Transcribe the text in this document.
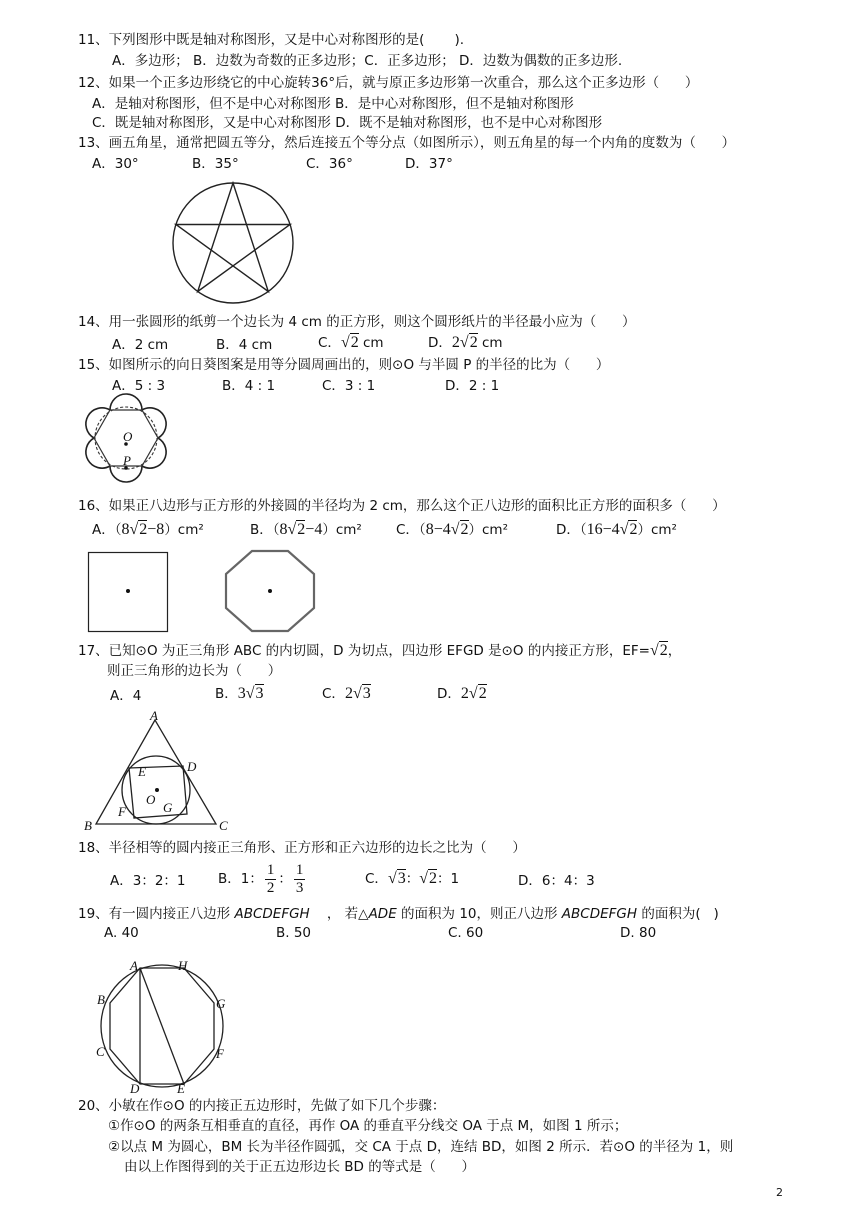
11、下列图形中既是轴对称图形，又是中心对称图形的是(       ).
A．多边形； B．边数为奇数的正多边形；C．正多边形； D．边数为偶数的正多边形.
12、如果一个正多边形绕它的中心旋转36°后，就与原正多边形第一次重合，那么这个正多边形（      ）
A．是轴对称图形，但不是中心对称图形 B．是中心对称图形，但不是轴对称图形
C．既是轴对称图形，又是中心对称图形 D．既不是轴对称图形，也不是中心对称图形
13、画五角星，通常把圆五等分，然后连接五个等分点（如图所示），则五角星的每一个内角的度数为（      ）
A．30°	B．35°	C．36°	D．37°
14、用一张圆形的纸剪一个边长为 4 cm 的正方形，则这个圆形纸片的半径最小应为（      ）
A．2 cm	B．4 cm	C．√2 cm	D．2√2 cm
15、如图所示的向日葵图案是用等分圆周画出的，则⊙O 与半圆 P 的半径的比为（      ）
A．5 : 3	B．4 : 1	C．3 : 1	D．2 : 1
O
P
16、如果正八边形与正方形的外接圆的半径均为 2 cm，那么这个正八边形的面积比正方形的面积多（      ）
A．（8√2−8）cm²	B．（8√2−4）cm²	C．（8−4√2）cm²	D．（16−4√2）cm²
17、已知⊙O 为正三角形 ABC 的内切圆，D 为切点，四边形 EFGD 是⊙O 的内接正方形，EF=√2，
则正三角形的边长为（      ）
A．4	B．3√3	C．2√3	D．2√2
A
B	C
D
E
F	G
O
18、半径相等的圆内接正三角形、正方形和正六边形的边长之比为（      ）
A．3：2：1 B．1： $\frac{1}{2}$ ： $\frac{1}{3}$	C．√3：√2：1	D．6：4：3
19、有一圆内接正八边形 ABCDEFGH    ， 若△ADE 的面积为 10，则正八边形 ABCDEFGH 的面积为(   )
A. 40	B. 50	C. 60	D. 80
A	H
B	G
C	F
D	E
20、小敏在作⊙O 的内接正五边形时，先做了如下几个步骤：
①作⊙O 的两条互相垂直的直径，再作 OA 的垂直平分线交 OA 于点 M，如图 1 所示；
②以点 M 为圆心，BM 长为半径作圆弧，交 CA 于点 D，连结 BD，如图 2 所示．若⊙O 的半径为 1，则
由以上作图得到的关于正五边形边长 BD 的等式是（      ）
2
